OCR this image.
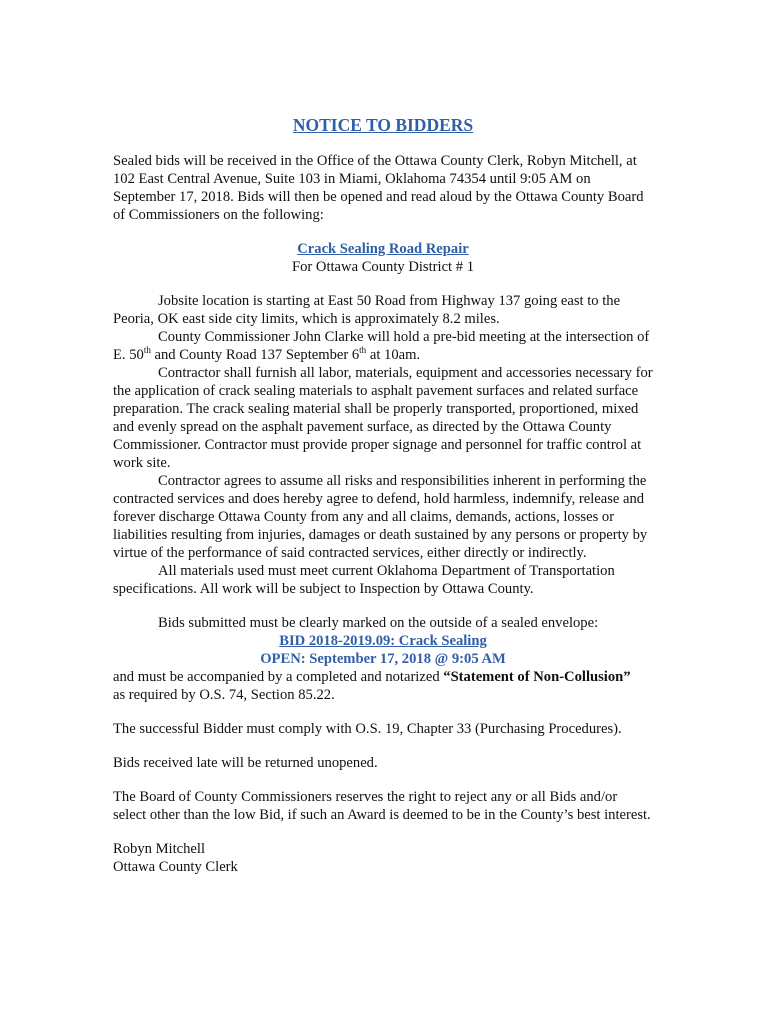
NOTICE TO BIDDERS

Sealed bids will be received in the Office of the Ottawa County Clerk, Robyn Mitchell, at 102 East Central Avenue, Suite 103 in Miami, Oklahoma 74354 until 9:05 AM on September 17, 2018. Bids will then be opened and read aloud by the Ottawa County Board of Commissioners on the following:

Crack Sealing Road Repair

For Ottawa County District # 1

Jobsite location is starting at East 50 Road from Highway 137 going east to the Peoria, OK east side city limits, which is approximately 8.2 miles.

County Commissioner John Clarke will hold a pre-bid meeting at the intersection of E. 50th and County Road 137 September 6th at 10am.

Contractor shall furnish all labor, materials, equipment and accessories necessary for the application of crack sealing materials to asphalt pavement surfaces and related surface preparation. The crack sealing material shall be properly transported, proportioned, mixed and evenly spread on the asphalt pavement surface, as directed by the Ottawa County Commissioner. Contractor must provide proper signage and personnel for traffic control at work site.

Contractor agrees to assume all risks and responsibilities inherent in performing the contracted services and does hereby agree to defend, hold harmless, indemnify, release and forever discharge Ottawa County from any and all claims, demands, actions, losses or liabilities resulting from injuries, damages or death sustained by any persons or property by virtue of the performance of said contracted services, either directly or indirectly.

All materials used must meet current Oklahoma Department of Transportation specifications. All work will be subject to Inspection by Ottawa County.

Bids submitted must be clearly marked on the outside of a sealed envelope:

BID 2018-2019.09: Crack Sealing

OPEN: September 17, 2018 @ 9:05 AM

and must be accompanied by a completed and notarized “Statement of Non-Collusion”

as required by O.S. 74, Section 85.22.

The successful Bidder must comply with O.S. 19, Chapter 33 (Purchasing Procedures).

Bids received late will be returned unopened.

The Board of County Commissioners reserves the right to reject any or all Bids and/or select other than the low Bid, if such an Award is deemed to be in the County’s best interest.

Robyn Mitchell

Ottawa County Clerk
